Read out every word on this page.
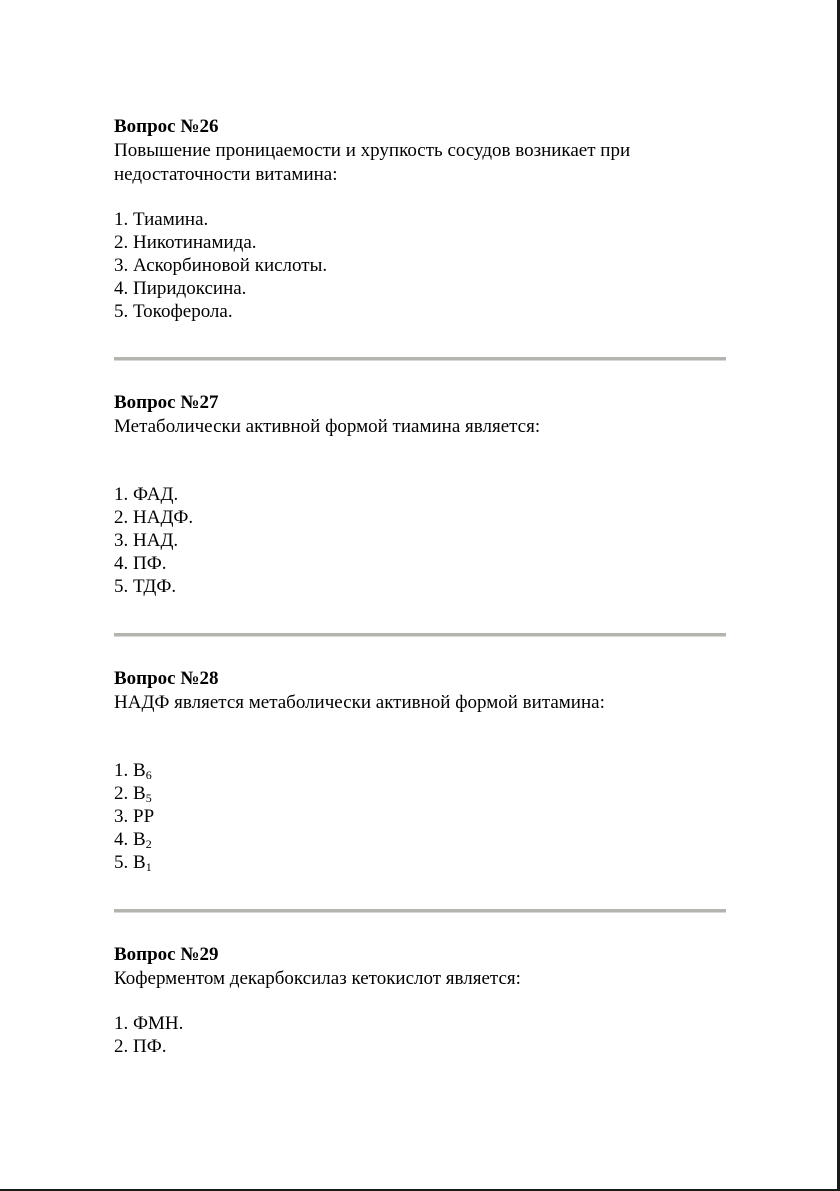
Вопрос №26

Повышение проницаемости и хрупкость сосудов возникает при

недостаточности витамина:

1. Тиамина.
2. Никотинамида.
3. Аскорбиновой кислоты.
4. Пиридоксина.
5. Токоферола.

Вопрос №27

Метаболически активной формой тиамина является:

1. ФАД.
2. НАДФ.
3. НАД.
4. ПФ.
5. ТДФ.

Вопрос №28

НАДФ является метаболически активной формой витамина:

1. $B_6$
2. $B_5$
3. PP
4. $B_2$
5. $B_1$

Вопрос №29

Коферментом декарбоксилаз кетокислот является:

1. ФМН.
2. ПФ.
